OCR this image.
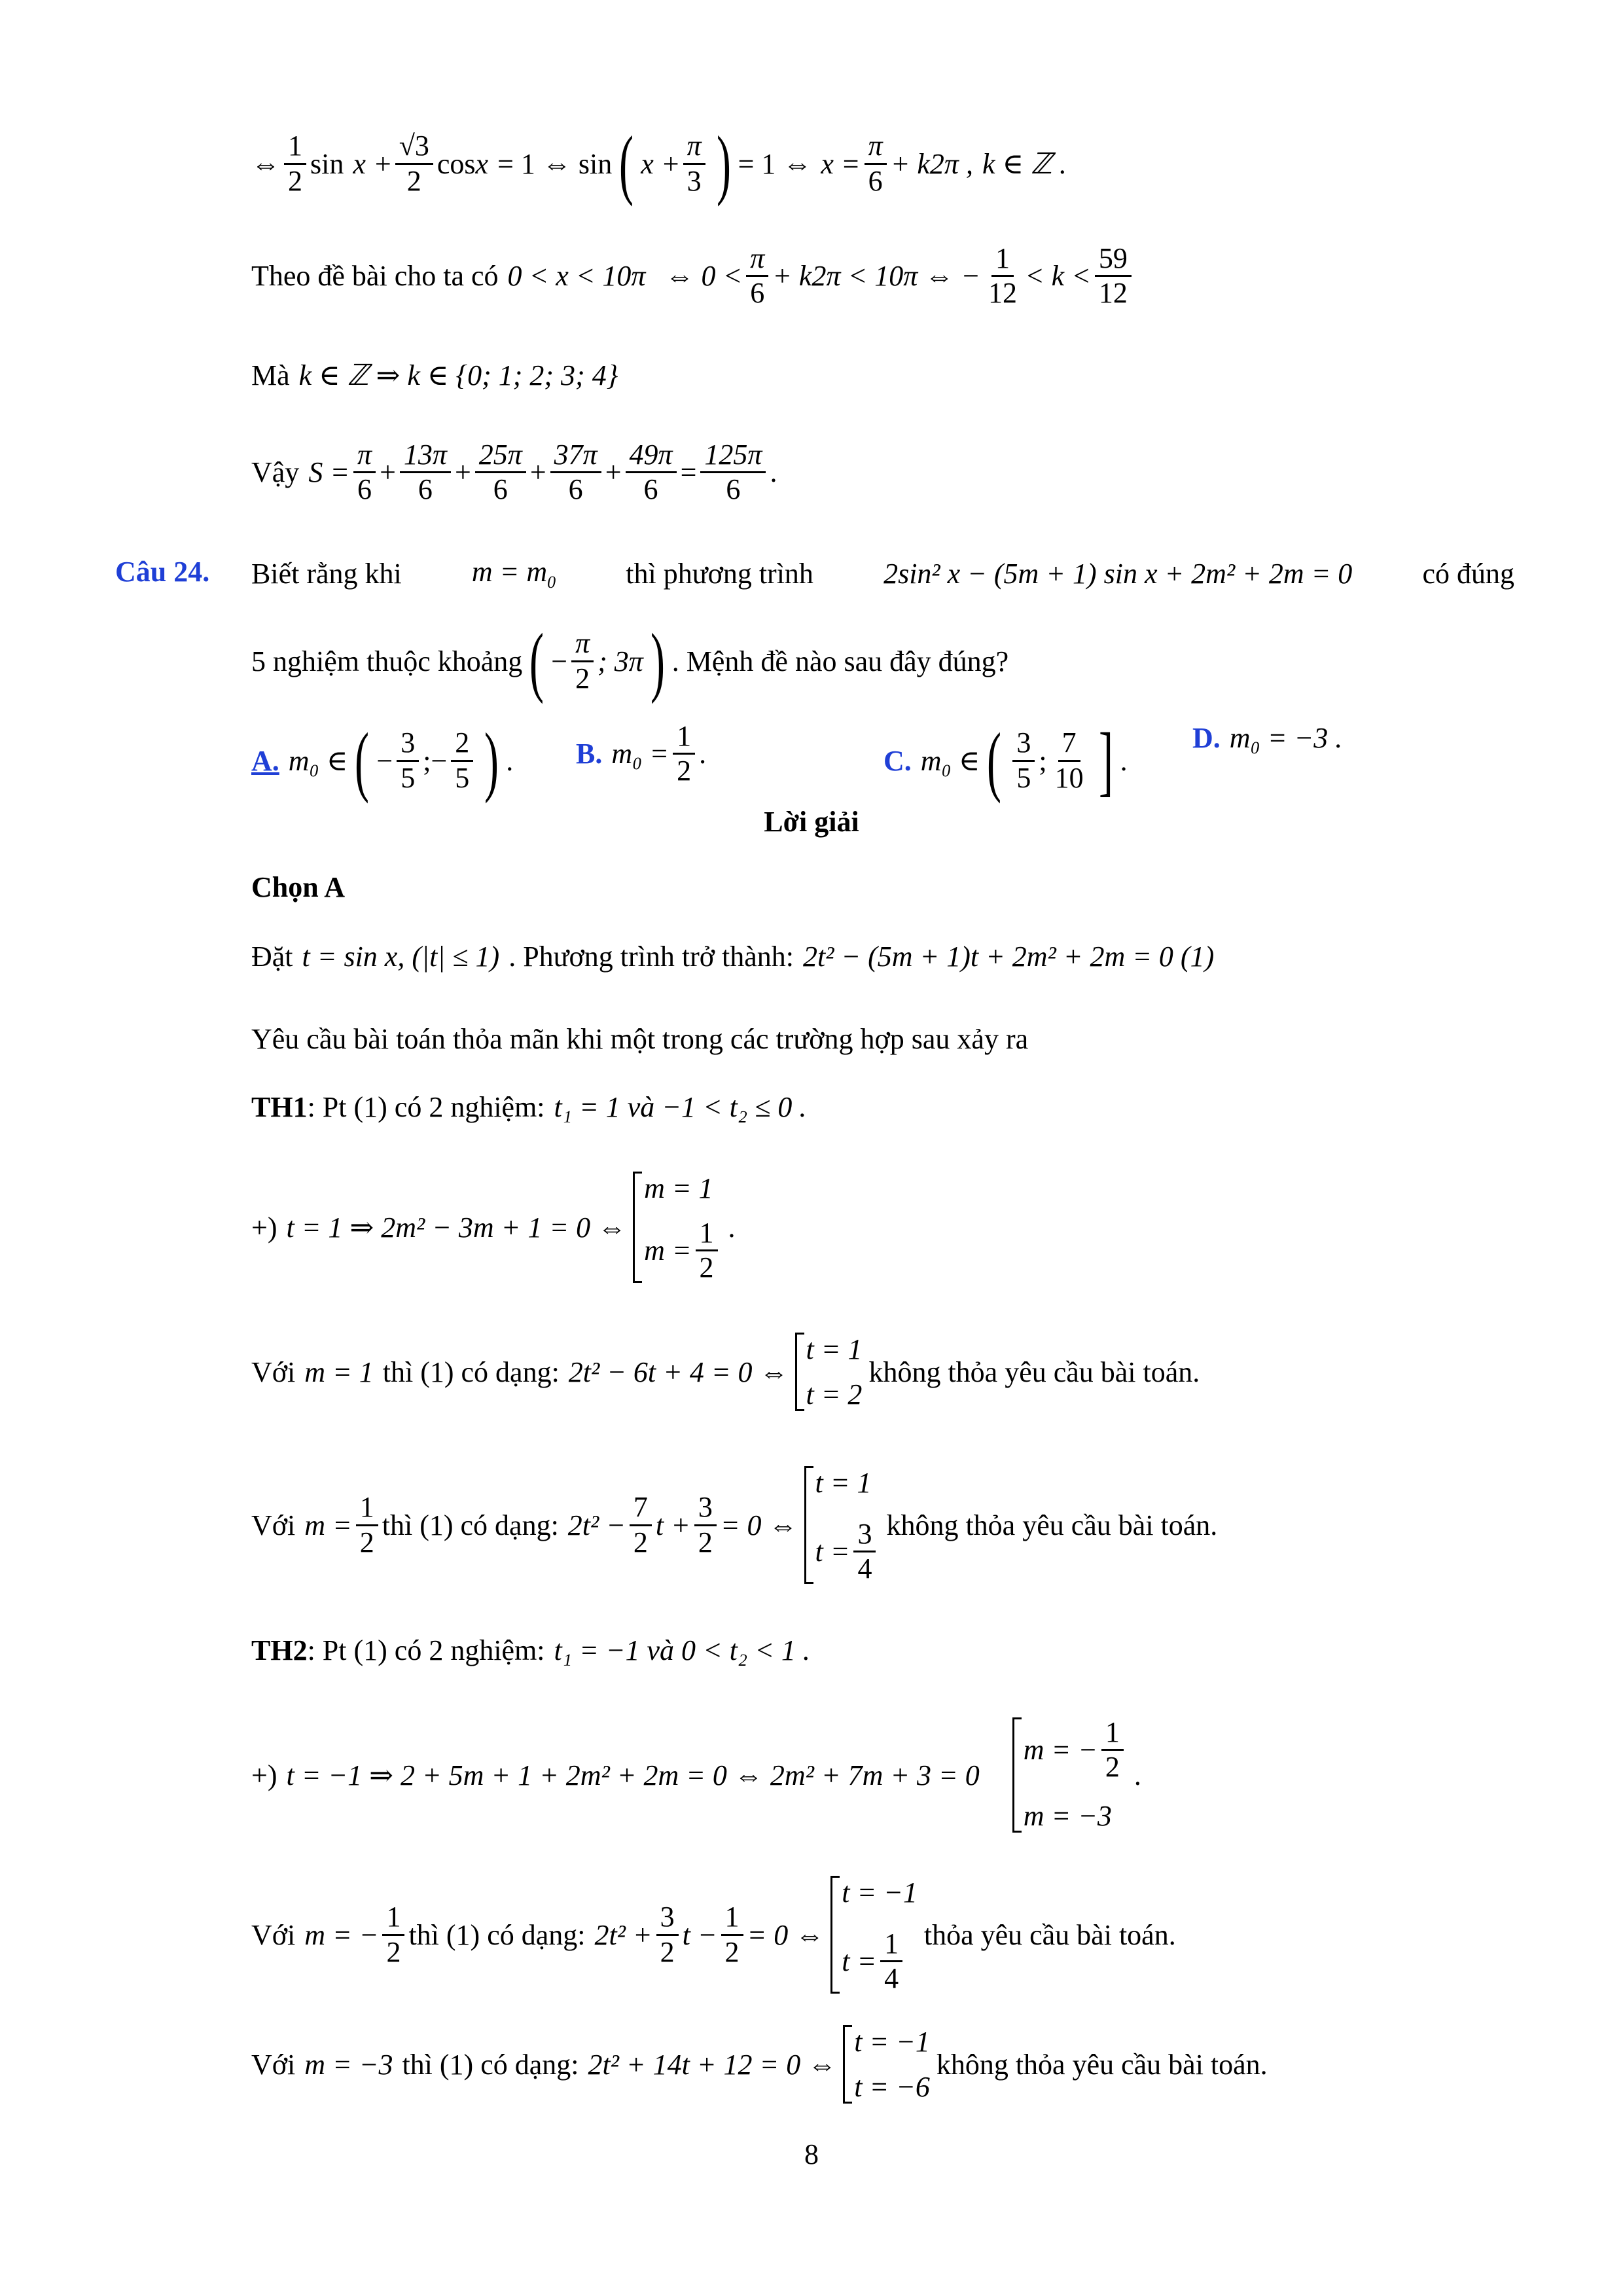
⇔ $\frac{1}{2}$ $\sin x + \frac{√3}{2}$ cos x = 1 ⇔ sin ( $x + \frac{\pi}{3}$ ) = 1 ⇔ $x = \frac{\pi}{6} + k2\pi$ , k ∈ ℤ .
Theo đề bài cho ta có 0 < x < 10π ⇔ $0 < \frac{\pi}{6} + k2\pi < 10\pi$ ⇔ − $\frac{1}{12} < k < \frac{59}{12}$
Mà k ∈ ℤ ⇒ k ∈ {0; 1; 2; 3; 4}
Vậy $S = \frac{\pi}{6} + \frac{13\pi}{6} + \frac{25\pi}{6} + \frac{37\pi}{6} + \frac{49\pi}{6} = \frac{125\pi}{6}$ .
Câu 24. Biết rằng khi $m = m_0$ thì phương trình 2sin² x − (5m + 1) sin x + 2m² + 2m = 0 có đúng
5 nghiệm thuộc khoảng ( − $\frac{\pi}{2}$ ; 3π ) . Mệnh đề nào sau đây đúng?
A. m₀ ∈ ( − $\frac{3}{5}$ ;− $\frac{2}{5}$ ) . B. $m_0 = \frac{1}{2}$ .	C. m₀ ∈ ( $\frac{3}{5}$ ; $\frac{7}{10}$ ] .
D. m₀ = −3 .
Lời giải
Chọn A
Đặt t = sin x, (|t| ≤ 1) . Phương trình trở thành: 2t² − (5m + 1)t + 2m² + 2m = 0 (1)
Yêu cầu bài toán thỏa mãn khi một trong các trường hợp sau xảy ra
TH1 : Pt (1) có 2 nghiệm: t₁ = 1 và −1 < t₂ ≤ 0 .
+) t = 1 ⇒ 2m² − 3m + 1 = 0 ⇔
m = 1
$m = \frac{1}{2}$ .
Với m = 1 thì (1) có dạng: 2t² − 6t + 4 = 0 ⇔
t = 1
t = 2
không thỏa yêu cầu bài toán.
Với $m = \frac{1}{2}$ thì (1) có dạng: $2t^2 - \frac{7}{2}$ $t + \frac{3}{2} = 0$ ⇔
t = 1
$t = \frac{3}{4}$ không thỏa yêu cầu bài toán.
TH2 : Pt (1) có 2 nghiệm: t₁ = −1 và 0 < t₂ < 1 .
+) t = −1 ⇒ 2 + 5m + 1 + 2m² + 2m = 0 ⇔ 2m² + 7m + 3 = 0
m = − $\frac{1}{2}$
m = −3
.
Với m = − $\frac{1}{2}$ thì (1) có dạng: $2t^2 + \frac{3}{2}$ $t - \frac{1}{2} = 0$ ⇔
t = −1
$t = \frac{1}{4}$ thỏa yêu cầu bài toán.
Với m = −3 thì (1) có dạng: 2t² + 14t + 12 = 0 ⇔
t = −1
t = −6
không thỏa yêu cầu bài toán.
8
